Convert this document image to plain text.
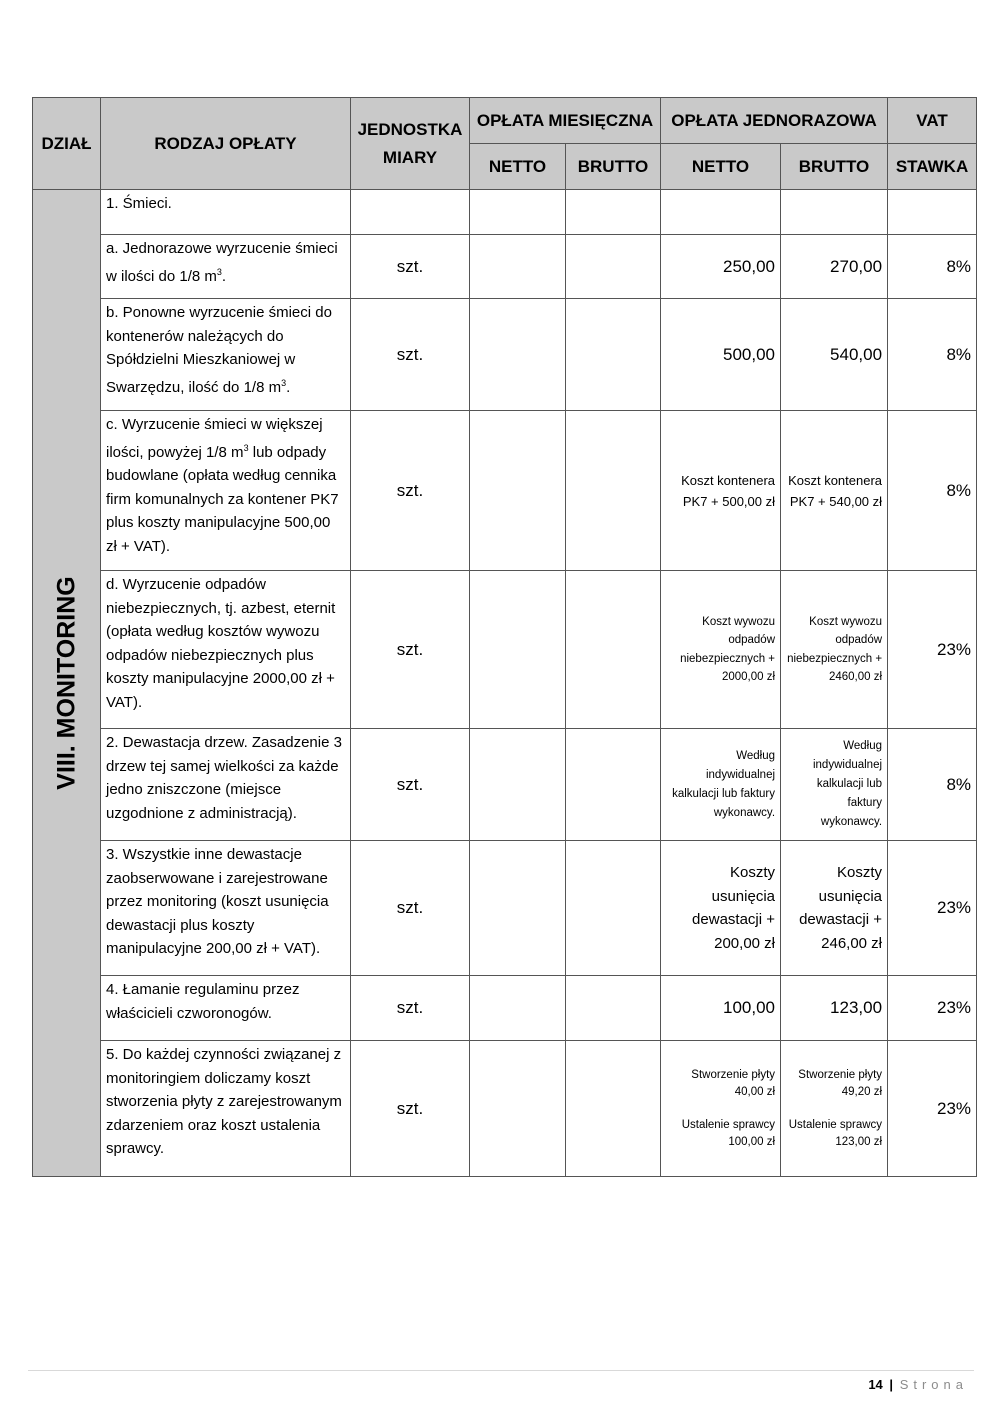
DZIAŁ	RODZAJ OPŁATY	JEDNOSTKA MIARY	OPŁATA MIESIĘCZNA		OPŁATA JEDNORAZOWA		VAT
			NETTO	BRUTTO	NETTO	BRUTTO	STAWKA

VIII. MONITORING	1. Śmieci.						
	a. Jednorazowe wyrzucenie śmieci w ilości do 1/8 $m^3$.	szt.			250,00	270,00	8%
	b. Ponowne wyrzucenie śmieci do kontenerów należących do Spółdzielni Mieszkaniowej w Swarzędzu, ilość do 1/8 $m^3$.	szt.			500,00	540,00	8%
	c. Wyrzucenie śmieci w większej ilości, powyżej 1/8 $m^3$ lub odpady budowlane (opłata według cennika firm komunalnych za kontener PK7 plus koszty manipulacyjne 500,00 zł + VAT).	szt.			Koszt kontenera PK7 + 500,00 zł	Koszt kontenera PK7 + 540,00 zł	8%
	d. Wyrzucenie odpadów niebezpiecznych, tj. azbest, eternit (opłata według kosztów wywozu odpadów niebezpiecznych plus koszty manipulacyjne 2000,00 zł + VAT).	szt.			Koszt wywozu odpadów niebezpiecznych + 2000,00 zł	Koszt wywozu odpadów niebezpiecznych + 2460,00 zł	23%
	2. Dewastacja drzew. Zasadzenie 3 drzew tej samej wielkości za każde jedno zniszczone (miejsce uzgodnione z administracją).	szt.			Według indywidualnej kalkulacji lub faktury wykonawcy.	Według indywidualnej kalkulacji lub faktury wykonawcy.	8%
	3. Wszystkie inne dewastacje zaobserwowane i zarejestrowane przez monitoring (koszt usunięcia dewastacji plus koszty manipulacyjne 200,00 zł + VAT).	szt.			Koszty usunięcia dewastacji + 200,00 zł	Koszty usunięcia dewastacji + 246,00 zł	23%
	4. Łamanie regulaminu przez właścicieli czworonogów.	szt.			100,00	123,00	23%
	5. Do każdej czynności związanej z monitoringiem doliczamy koszt stworzenia płyty z zarejestrowanym zdarzeniem oraz koszt ustalenia sprawcy.	szt.			Stworzenie płyty 40,00 zł
Ustalenie sprawcy 100,00 zł	Stworzenie płyty 49,20 zł
Ustalenie sprawcy 123,00 zł	23%
14 | Strona
